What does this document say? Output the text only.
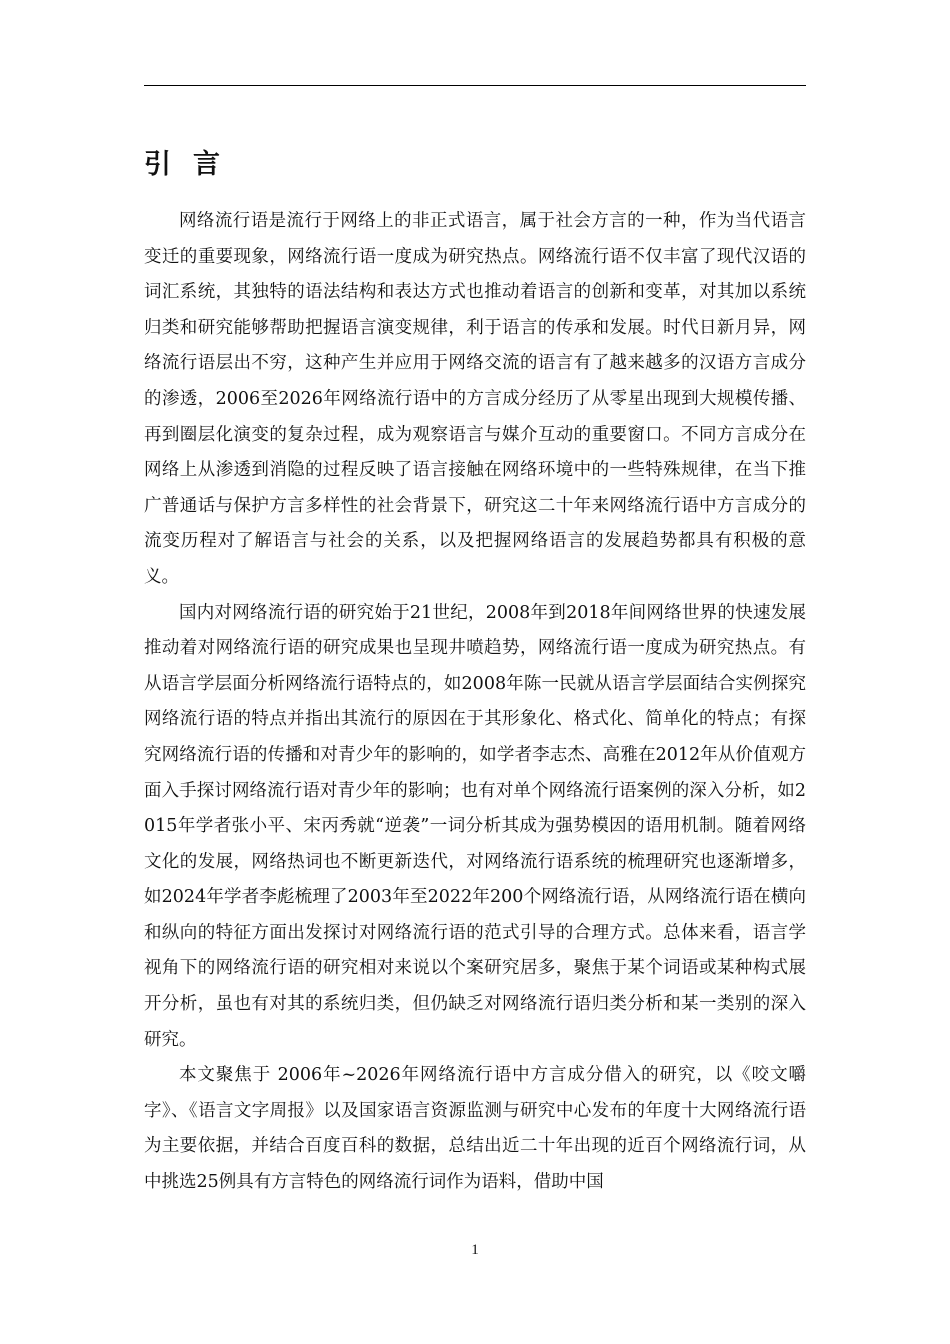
引言

网络流行语是流行于网络上的非正式语言，属于社会方言的一种，作为当代语言变迁的重要现象，网络流行语一度成为研究热点。网络流行语不仅丰富了现代汉语的词汇系统，其独特的语法结构和表达方式也推动着语言的创新和变革，对其加以系统归类和研究能够帮助把握语言演变规律，利于语言的传承和发展。时代日新月异，网络流行语层出不穷，这种产生并应用于网络交流的语言有了越来越多的汉语方言成分的渗透，2006至2026年网络流行语中的方言成分经历了从零星出现到大规模传播、再到圈层化演变的复杂过程，成为观察语言与媒介互动的重要窗口。不同方言成分在网络上从渗透到消隐的过程反映了语言接触在网络环境中的一些特殊规律，在当下推广普通话与保护方言多样性的社会背景下，研究这二十年来网络流行语中方言成分的流变历程对了解语言与社会的关系，以及把握网络语言的发展趋势都具有积极的意义。

国内对网络流行语的研究始于21世纪，2008年到2018年间网络世界的快速发展推动着对网络流行语的研究成果也呈现井喷趋势，网络流行语一度成为研究热点。有从语言学层面分析网络流行语特点的，如2008年陈一民就从语言学层面结合实例探究网络流行语的特点并指出其流行的原因在于其形象化、格式化、简单化的特点；有探究网络流行语的传播和对青少年的影响的，如学者李志杰、高雅在2012年从价值观方面入手探讨网络流行语对青少年的影响；也有对单个网络流行语案例的深入分析，如2015年学者张小平、宋丙秀就“逆袭”一词分析其成为强势模因的语用机制。随着网络文化的发展，网络热词也不断更新迭代，对网络流行语系统的梳理研究也逐渐增多，如2024年学者李彪梳理了2003年至2022年200个网络流行语，从网络流行语在横向和纵向的特征方面出发探讨对网络流行语的范式引导的合理方式。总体来看，语言学视角下的网络流行语的研究相对来说以个案研究居多，聚焦于某个词语或某种构式展开分析，虽也有对其的系统归类，但仍缺乏对网络流行语归类分析和某一类别的深入研究。

本文聚焦于 2006年~2026年网络流行语中方言成分借入的研究，以《咬文嚼字》、《语言文字周报》以及国家语言资源监测与研究中心发布的年度十大网络流行语为主要依据，并结合百度百科的数据，总结出近二十年出现的近百个网络流行词，从中挑选25例具有方言特色的网络流行词作为语料，借助中国

1
